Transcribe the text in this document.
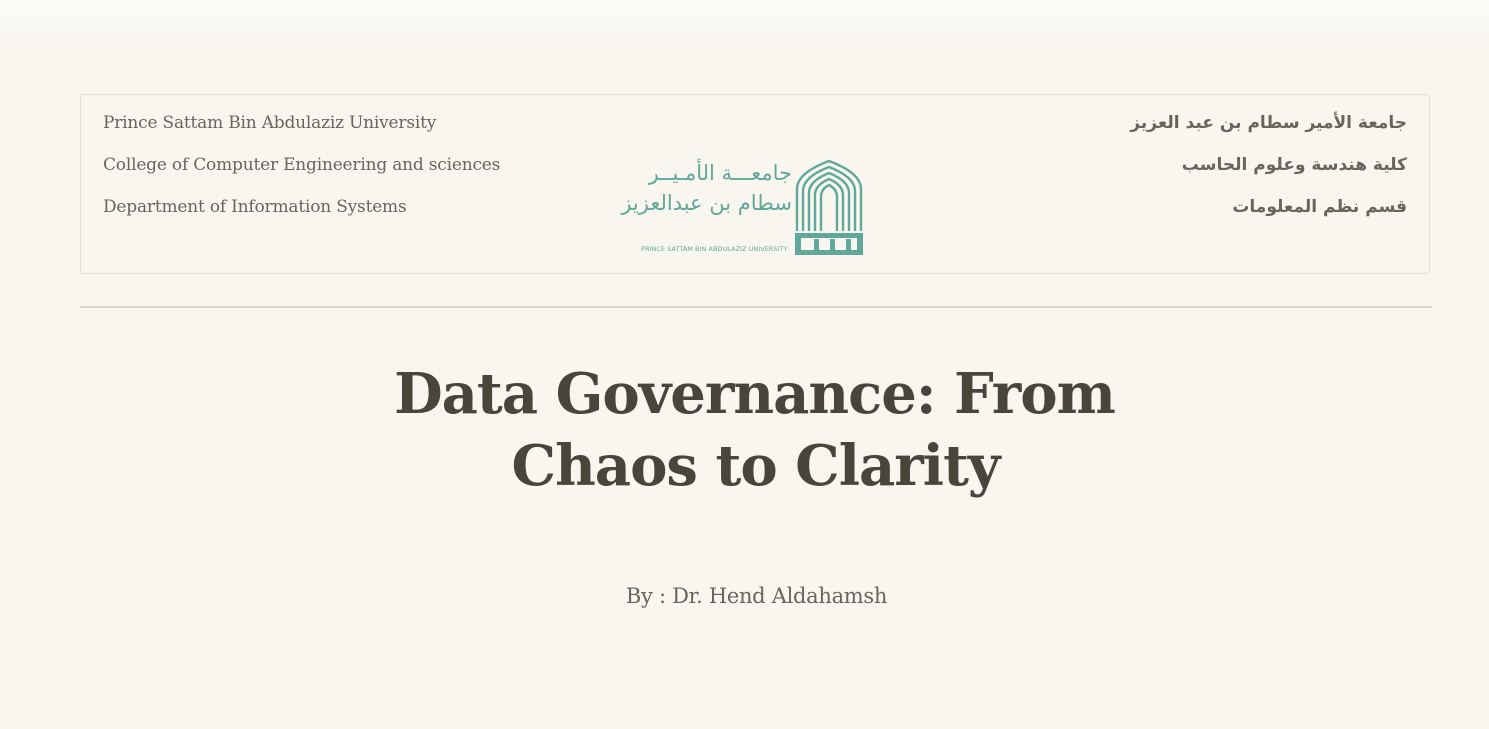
Prince Sattam Bin Abdulaziz University
College of Computer Engineering and sciences
Department of Information Systems
جامعـــة الأمـيــر
سطام بن عبدالعزيز
PRINCE SATTAM BIN ABDULAZIZ UNIVERSITY
جامعة الأمير سطام بن عبد العزيز
كلية هندسة وعلوم الحاسب
قسم نظم المعلومات
Data Governance: From
Chaos to Clarity
By : Dr. Hend Aldahamsh
